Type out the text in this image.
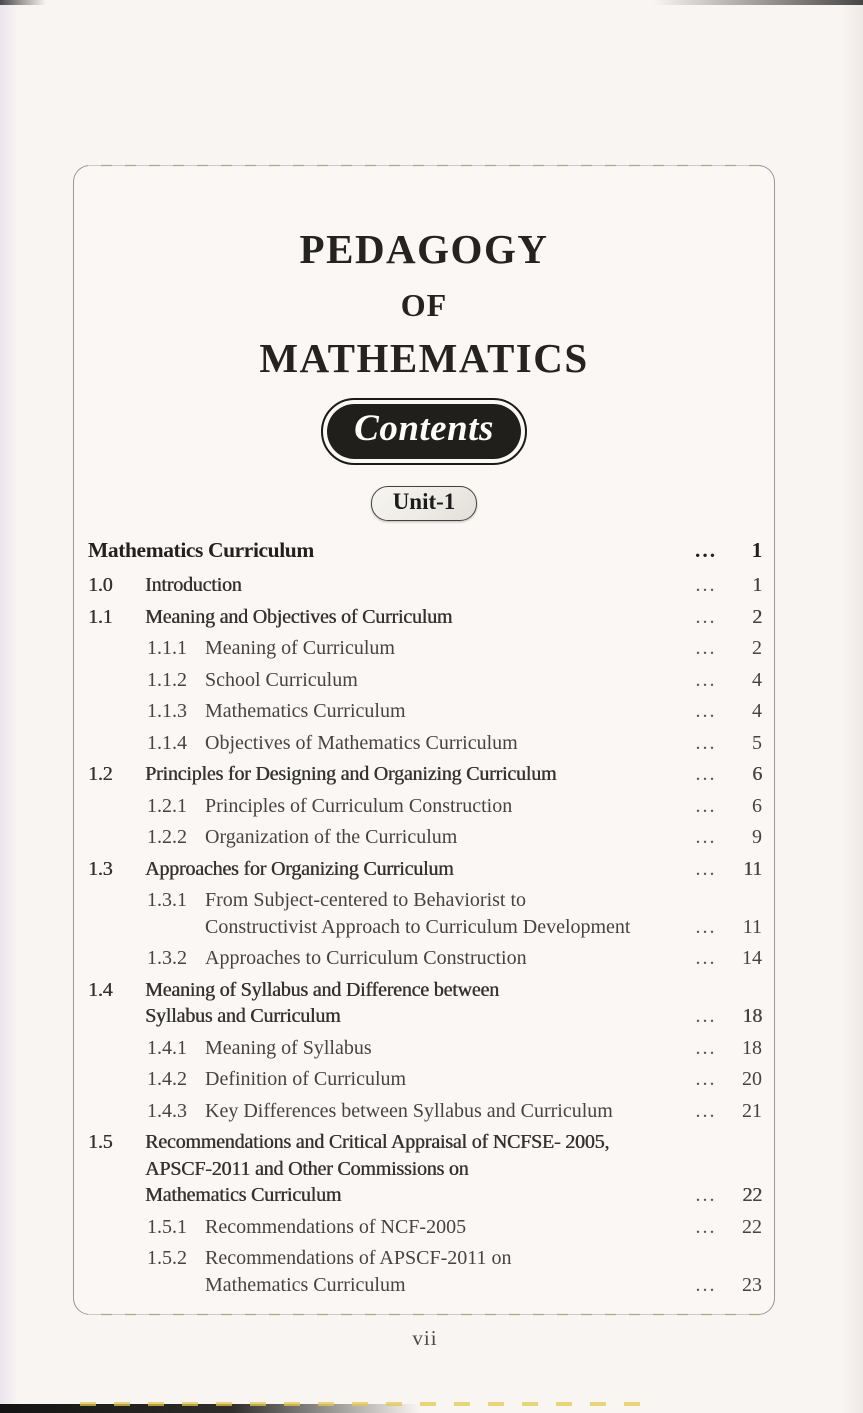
PEDAGOGY
OF
MATHEMATICS
Contents
Unit-1
Mathematics Curriculum	...	1
1.0	Introduction	...	1
1.1	Meaning and Objectives of Curriculum	...	2
1.1.1 Meaning of Curriculum	...	2
1.1.2 School Curriculum	...	4
1.1.3 Mathematics Curriculum	...	4
1.1.4 Objectives of Mathematics Curriculum	...	5
1.2	Principles for Designing and Organizing Curriculum	...	6
1.2.1 Principles of Curriculum Construction	...	6
1.2.2 Organization of the Curriculum	...	9
1.3	Approaches for Organizing Curriculum	...	11
1.3.1 From Subject-centered to Behaviorist to
Constructivist Approach to Curriculum Development	...	11
1.3.2 Approaches to Curriculum Construction	...	14
1.4	Meaning of Syllabus and Difference between
Syllabus and Curriculum	...	18
1.4.1 Meaning of Syllabus	...	18
1.4.2 Definition of Curriculum	...	20
1.4.3 Key Differences between Syllabus and Curriculum	...	21
1.5	Recommendations and Critical Appraisal of NCFSE- 2005,
APSCF-2011 and Other Commissions on
Mathematics Curriculum	...	22
1.5.1 Recommendations of NCF-2005	...	22
1.5.2 Recommendations of APSCF-2011 on
Mathematics Curriculum	...	23
vii
